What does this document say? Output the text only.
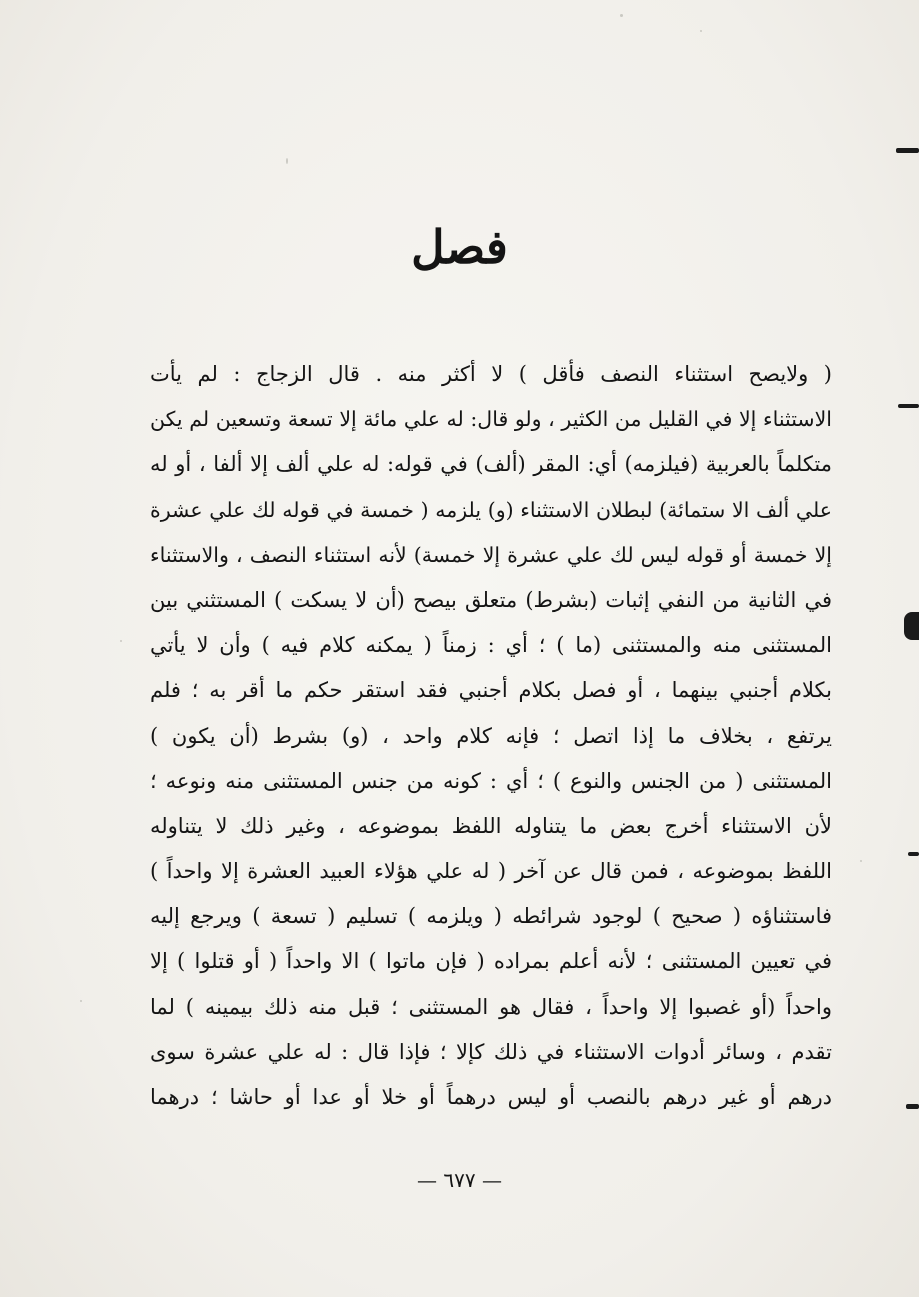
فصل
( ولايصح استثناء النصف فأقل ) لا أكثر منه . قال الزجاج : لم يأت
الاستثناء إلا في القليل من الكثير ، ولو قال: له علي مائة إلا تسعة وتسعين لم يكن
متكلماً بالعربية (فيلزمه) أي: المقر (ألف) في قوله: له علي ألف إلا ألفا ، أو له
علي ألف الا ستمائة) لبطلان الاستثناء (و) يلزمه ( خمسة في قوله لك علي عشرة
إلا خمسة أو قوله ليس لك علي عشرة إلا خمسة) لأنه استثناء النصف ، والاستثناء
في الثانية من النفي إثبات (بشرط) متعلق بيصح (أن لا يسكت ) المستثني بين
المستثنى منه والمستثنى (ما ) ؛ أي : زمناً ( يمكنه كلام فيه ) وأن لا يأتي
بكلام أجنبي بينهما ، أو فصل بكلام أجنبي فقد استقر حكم ما أقر به ؛ فلم
يرتفع ، بخلاف ما إذا اتصل ؛ فإنه كلام واحد ، (و) بشرط (أن يكون )
المستثنى ( من الجنس والنوع ) ؛ أي : كونه من جنس المستثنى منه ونوعه ؛
لأن الاستثناء أخرج بعض ما يتناوله اللفظ بموضوعه ، وغير ذلك لا يتناوله
اللفظ بموضوعه ، فمن قال عن آخر ( له علي هؤلاء العبيد العشرة إلا واحداً )
فاستثناؤه ( صحيح ) لوجود شرائطه ( ويلزمه ) تسليم ( تسعة ) ويرجع إليه
في تعيين المستثنى ؛ لأنه أعلم بمراده ( فإن ماتوا ) الا واحداً ( أو قتلوا ) إلا
واحداً (أو غصبوا إلا واحداً ، فقال هو المستثنى ؛ قبل منه ذلك بيمينه ) لما
تقدم ، وسائر أدوات الاستثناء في ذلك كإلا ؛ فإذا قال : له علي عشرة سوى
درهم أو غير درهم بالنصب أو ليس درهماً أو خلا أو عدا أو حاشا ؛ درهما
— ٦٧٧ —
